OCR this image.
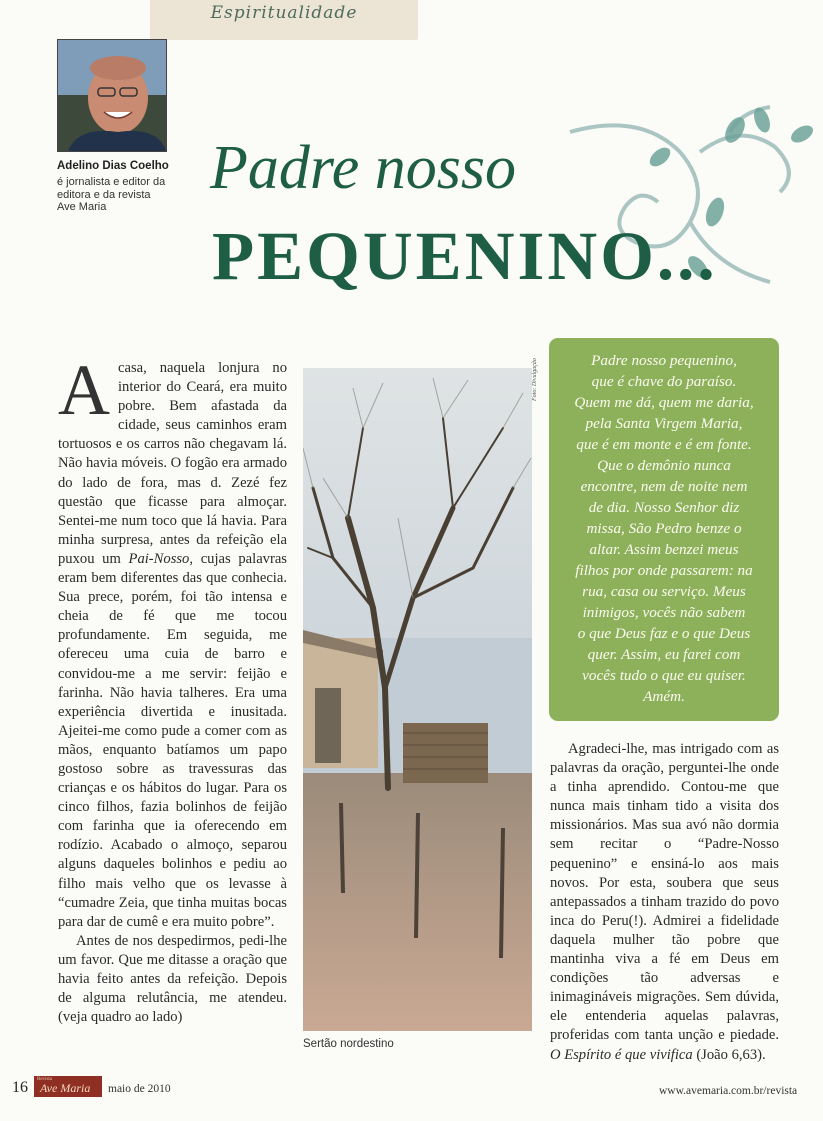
Espiritualidade
Adelino Dias Coelho
é jornalista e editor da
editora e da revista
Ave Maria
Padre nosso
PEQUENINO...

Acasa, naquela lonjura no interior do Ceará, era muito pobre. Bem afastada da cidade, seus caminhos eram tortuosos e os carros não chegavam lá. Não havia móveis. O fogão era armado do lado de fora, mas d. Zezé fez questão que ficasse para almoçar. Sentei-me num toco que lá havia. Para minha surpresa, antes da refeição ela puxou um Pai-Nosso, cujas palavras eram bem diferentes das que conhecia. Sua prece, porém, foi tão intensa e cheia de fé que me tocou profundamente. Em seguida, me ofereceu uma cuia de barro e convidou-me a me servir: feijão e farinha. Não havia talheres. Era uma experiência divertida e inusitada. Ajeitei-me como pude a comer com as mãos, enquanto batíamos um papo gostoso sobre as travessuras das crianças e os hábitos do lugar. Para os cinco filhos, fazia bolinhos de feijão com farinha que ia oferecendo em rodízio. Acabado o almoço, separou alguns daqueles bolinhos e pediu ao filho mais velho que os levasse à “cumadre Zeia, que tinha muitas bocas para dar de cumê e era muito pobre”.

Antes de nos despedirmos, pedi-lhe um favor. Que me ditasse a oração que havia feito antes da refeição. Depois de alguma relutância, me atendeu. (veja quadro ao lado)

Foto: Divulgação
Sertão nordestino
Padre nosso pequenino,
que é chave do paraíso.
Quem me dá, quem me daria,
pela Santa Virgem Maria,
que é em monte e é em fonte.
Que o demônio nunca
encontre, nem de noite nem
de dia. Nosso Senhor diz
missa, São Pedro benze o
altar. Assim benzei meus
filhos por onde passarem: na
rua, casa ou serviço. Meus
inimigos, vocês não sabem
o que Deus faz e o que Deus
quer. Assim, eu farei com
vocês tudo o que eu quiser.
Amém.

Agradeci-lhe, mas intrigado com as palavras da oração, perguntei-lhe onde a tinha aprendido. Contou-me que nunca mais tinham tido a visita dos missionários. Mas sua avó não dormia sem recitar o “Padre-Nosso pequenino” e ensiná-lo aos mais novos. Por esta, soubera que seus antepassados a tinham trazido do povo inca do Peru(!). Admirei a fidelidade daquela mulher tão pobre que mantinha viva a fé em Deus em condições tão adversas e inimagináveis migrações. Sem dúvida, ele entenderia aquelas palavras, proferidas com tanta unção e piedade. O Espírito é que vivifica (João 6,63).

16 Revista
Ave Maria maio de 2010	www.avemaria.com.br/revista
